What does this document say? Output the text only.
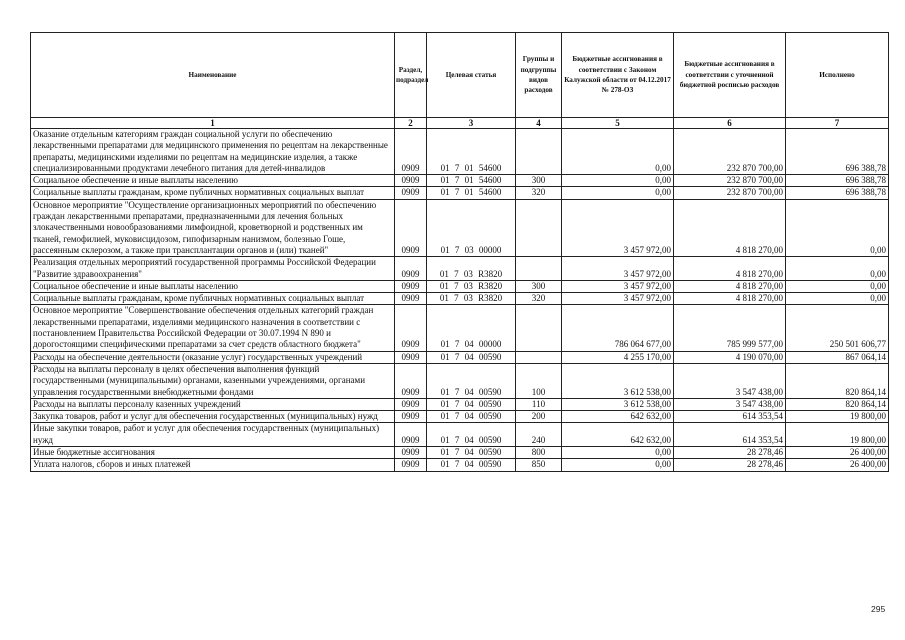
Наименование	Раздел, подраздел	Целевая статья	Группы и подгруппы видов расходов	Бюджетные ассигнования в соответствии с Законом Калужской области от 04.12.2017 № 278-ОЗ	Бюджетные ассигнования в соответствии с уточненной бюджетной росписью расходов	Исполнено
1	2	3	4	5	6	7
Оказание отдельным категориям граждан социальной услуги по обеспечению лекарственными препаратами для медицинского применения по рецептам на лекарственные препараты, медицинскими изделиями по рецептам на медицинские изделия, а также специализированными продуктами лечебного питания для детей-инвалидов	0909	01 7 01 54600		0,00	232 870 700,00	696 388,78
Социальное обеспечение и иные выплаты населению	0909	01 7 01 54600	300	0,00	232 870 700,00	696 388,78
Социальные выплаты гражданам, кроме публичных нормативных социальных выплат	0909	01 7 01 54600	320	0,00	232 870 700,00	696 388,78
Основное мероприятие "Осуществление организационных мероприятий по обеспечению граждан лекарственными препаратами, предназначенными для лечения больных злокачественными новообразованиями лимфоидной, кроветворной и родственных им тканей, гемофилией, муковисцидозом, гипофизарным нанизмом, болезнью Гоше, рассеянным склерозом, а также при трансплантации органов и (или) тканей"	0909	01 7 03 00000		3 457 972,00	4 818 270,00	0,00
Реализация отдельных мероприятий государственной программы Российской Федерации "Развитие здравоохранения"	0909	01 7 03 R3820		3 457 972,00	4 818 270,00	0,00
Социальное обеспечение и иные выплаты населению	0909	01 7 03 R3820	300	3 457 972,00	4 818 270,00	0,00
Социальные выплаты гражданам, кроме публичных нормативных социальных выплат	0909	01 7 03 R3820	320	3 457 972,00	4 818 270,00	0,00
Основное мероприятие "Совершенствование обеспечения отдельных категорий граждан лекарственными препаратами, изделиями медицинского назначения в соответствии с постановлением Правительства Российской Федерации от 30.07.1994 N 890 и дорогостоящими специфическими препаратами за счет средств областного бюджета"	0909	01 7 04 00000		786 064 677,00	785 999 577,00	250 501 606,77
Расходы на обеспечение деятельности (оказание услуг) государственных учреждений	0909	01 7 04 00590		4 255 170,00	4 190 070,00	867 064,14
Расходы на выплаты персоналу в целях обеспечения выполнения функций государственными (муниципальными) органами, казенными учреждениями, органами управления государственными внебюджетными фондами	0909	01 7 04 00590	100	3 612 538,00	3 547 438,00	820 864,14
Расходы на выплаты персоналу казенных учреждений	0909	01 7 04 00590	110	3 612 538,00	3 547 438,00	820 864,14
Закупка товаров, работ и услуг для обеспечения государственных (муниципальных) нужд	0909	01 7 04 00590	200	642 632,00	614 353,54	19 800,00
Иные закупки товаров, работ и услуг для обеспечения государственных (муниципальных) нужд	0909	01 7 04 00590	240	642 632,00	614 353,54	19 800,00
Иные бюджетные ассигнования	0909	01 7 04 00590	800	0,00	28 278,46	26 400,00
Уплата налогов, сборов и иных платежей	0909	01 7 04 00590	850	0,00	28 278,46	26 400,00
295
